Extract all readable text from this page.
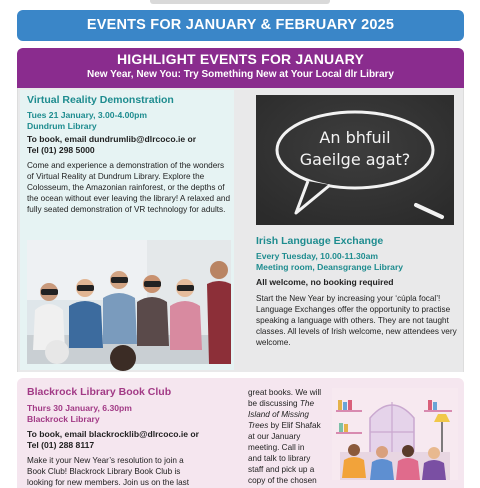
EVENTS FOR JANUARY & FEBRUARY 2025
HIGHLIGHT EVENTS FOR JANUARY
New Year, New You: Try Something New at Your Local dlr Library
Virtual Reality Demonstration
Tues 21 January, 3.00-4.00pm
Dundrum Library
To book, email dundrumlib@dlrcoco.ie or
Tel (01) 298 5000
Come and experience a demonstration of the wonders of Virtual Reality at Dundrum Library. Explore the Colosseum, the Amazonian rainforest, or the depths of the ocean without ever leaving the library! A relaxed and fully seated demonstration of VR technology for adults.
An bhfuil
Gaeilge agat?
Irish Language Exchange
Every Tuesday, 10.00-11.30am
Meeting room, Deansgrange Library
All welcome, no booking required
Start the New Year by increasing your ‘cúpla focal’! Language Exchanges offer the opportunity to practise speaking a language with others. They are not taught classes. All levels of Irish welcome, new attendees very welcome.
Blackrock Library Book Club
Thurs 30 January, 6.30pm
Blackrock Library
To book, email blackrocklib@dlrcoco.ie or
Tel (01) 288 8117
Make it your New Year’s resolution to join a
Book Club! Blackrock Library Book Club is
looking for new members. Join us on the last
great books. We will
be discussing The
Island of Missing
Trees by Elif Shafak
at our January
meeting. Call in
and talk to library
staff and pick up a
copy of the chosen
